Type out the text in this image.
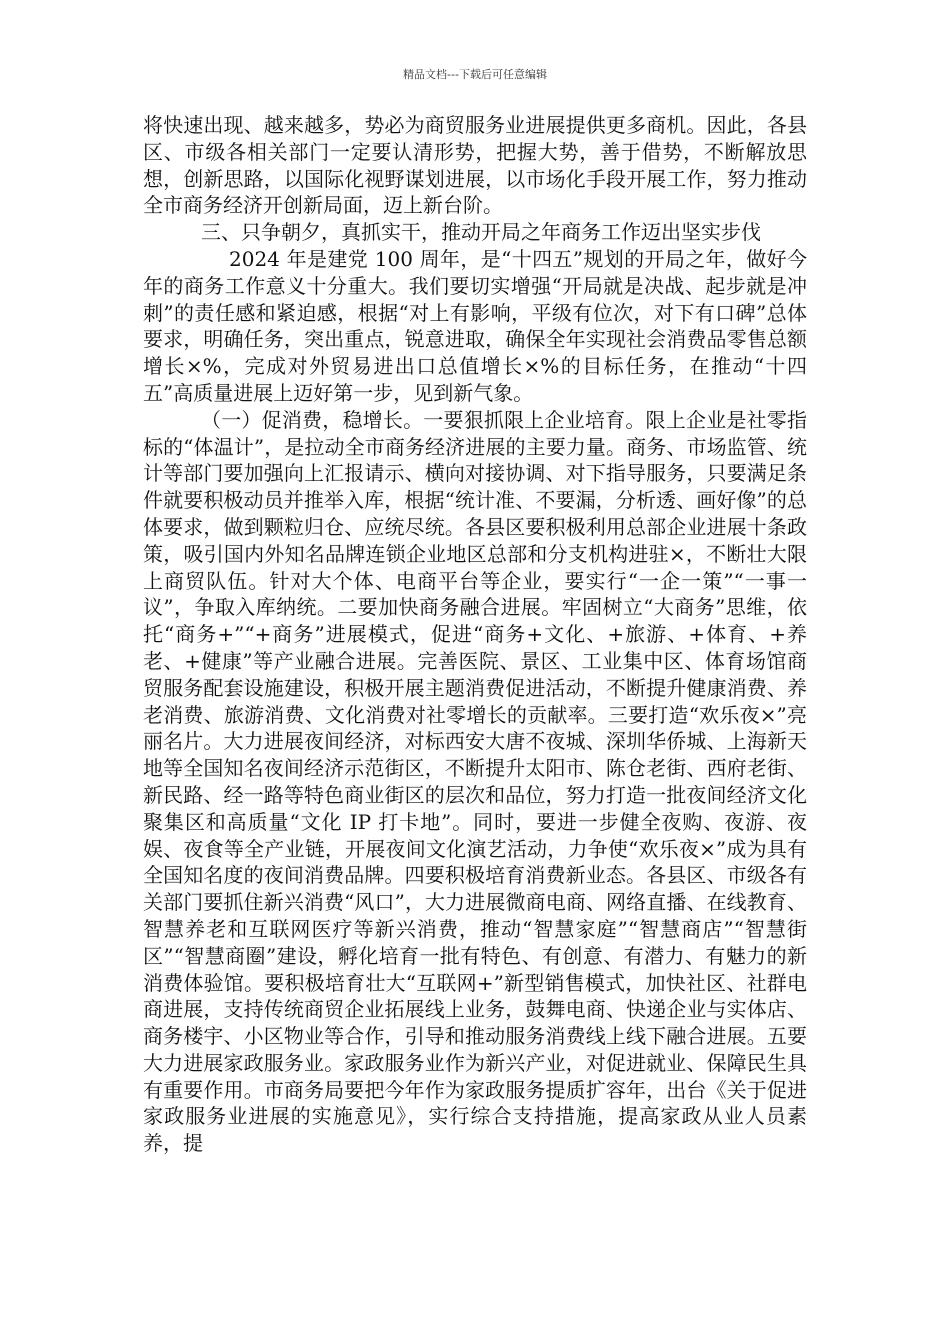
精品文档---下载后可任意编辑

将快速出现、越来越多，势必为商贸服务业进展提供更多商机。因此，各县区、市级各相关部门一定要认清形势，把握大势，善于借势，不断解放思想，创新思路，以国际化视野谋划进展，以市场化手段开展工作，努力推动全市商务经济开创新局面，迈上新台阶。

三、只争朝夕，真抓实干，推动开局之年商务工作迈出坚实步伐

2024 年是建党 100 周年，是“十四五”规划的开局之年，做好今年的商务工作意义十分重大。我们要切实增强“开局就是决战、起步就是冲刺”的责任感和紧迫感，根据“对上有影响，平级有位次，对下有口碑”总体要求，明确任务，突出重点，锐意进取，确保全年实现社会消费品零售总额增长×%，完成对外贸易进出口总值增长×%的目标任务，在推动“十四五”高质量进展上迈好第一步，见到新气象。

（一）促消费，稳增长。一要狠抓限上企业培育。限上企业是社零指标的“体温计”，是拉动全市商务经济进展的主要力量。商务、市场监管、统计等部门要加强向上汇报请示、横向对接协调、对下指导服务，只要满足条件就要积极动员并推举入库，根据“统计准、不要漏，分析透、画好像”的总体要求，做到颗粒归仓、应统尽统。各县区要积极利用总部企业进展十条政策，吸引国内外知名品牌连锁企业地区总部和分支机构进驻×，不断壮大限上商贸队伍。针对大个体、电商平台等企业，要实行“一企一策”“一事一议”，争取入库纳统。二要加快商务融合进展。牢固树立“大商务”思维，依托“商务+”“+商务”进展模式，促进“商务+文化、+旅游、+体育、+养老、+健康”等产业融合进展。完善医院、景区、工业集中区、体育场馆商贸服务配套设施建设，积极开展主题消费促进活动，不断提升健康消费、养老消费、旅游消费、文化消费对社零增长的贡献率。三要打造“欢乐夜×”亮丽名片。大力进展夜间经济，对标西安大唐不夜城、深圳华侨城、上海新天地等全国知名夜间经济示范街区，不断提升太阳市、陈仓老街、西府老街、新民路、经一路等特色商业街区的层次和品位，努力打造一批夜间经济文化聚集区和高质量“文化 IP 打卡地”。同时，要进一步健全夜购、夜游、夜娱、夜食等全产业链，开展夜间文化演艺活动，力争使“欢乐夜×”成为具有全国知名度的夜间消费品牌。四要积极培育消费新业态。各县区、市级各有关部门要抓住新兴消费“风口”，大力进展微商电商、网络直播、在线教育、智慧养老和互联网医疗等新兴消费，推动“智慧家庭”“智慧商店”“智慧街区”“智慧商圈”建设，孵化培育一批有特色、有创意、有潜力、有魅力的新消费体验馆。要积极培育壮大“互联网+”新型销售模式，加快社区、社群电商进展，支持传统商贸企业拓展线上业务，鼓舞电商、快递企业与实体店、商务楼宇、小区物业等合作，引导和推动服务消费线上线下融合进展。五要大力进展家政服务业。家政服务业作为新兴产业，对促进就业、保障民生具有重要作用。市商务局要把今年作为家政服务提质扩容年，出台《关于促进家政服务业进展的实施意见》，实行综合支持措施，提高家政从业人员素养，提
